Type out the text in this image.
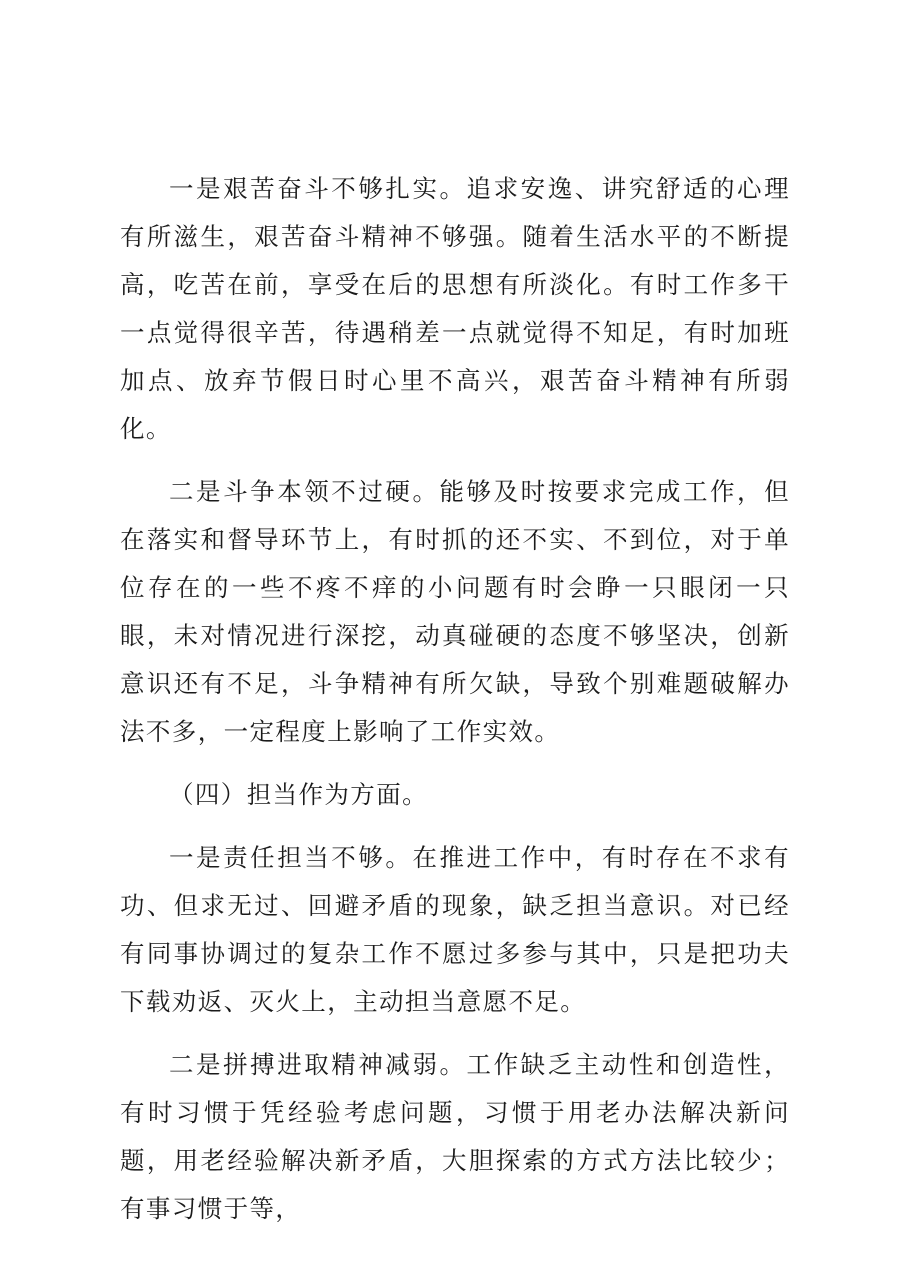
一是艰苦奋斗不够扎实。追求安逸、讲究舒适的心理有所滋生，艰苦奋斗精神不够强。随着生活水平的不断提高，吃苦在前，享受在后的思想有所淡化。有时工作多干一点觉得很辛苦，待遇稍差一点就觉得不知足，有时加班加点、放弃节假日时心里不高兴，艰苦奋斗精神有所弱化。

二是斗争本领不过硬。能够及时按要求完成工作，但在落实和督导环节上，有时抓的还不实、不到位，对于单位存在的一些不疼不痒的小问题有时会睁一只眼闭一只眼，未对情况进行深挖，动真碰硬的态度不够坚决，创新意识还有不足，斗争精神有所欠缺，导致个别难题破解办法不多，一定程度上影响了工作实效。

（四）担当作为方面。

一是责任担当不够。在推进工作中，有时存在不求有功、但求无过、回避矛盾的现象，缺乏担当意识。对已经有同事协调过的复杂工作不愿过多参与其中，只是把功夫下载劝返、灭火上，主动担当意愿不足。

二是拼搏进取精神减弱。工作缺乏主动性和创造性，有时习惯于凭经验考虑问题，习惯于用老办法解决新问题，用老经验解决新矛盾，大胆探索的方式方法比较少；有事习惯于等，
